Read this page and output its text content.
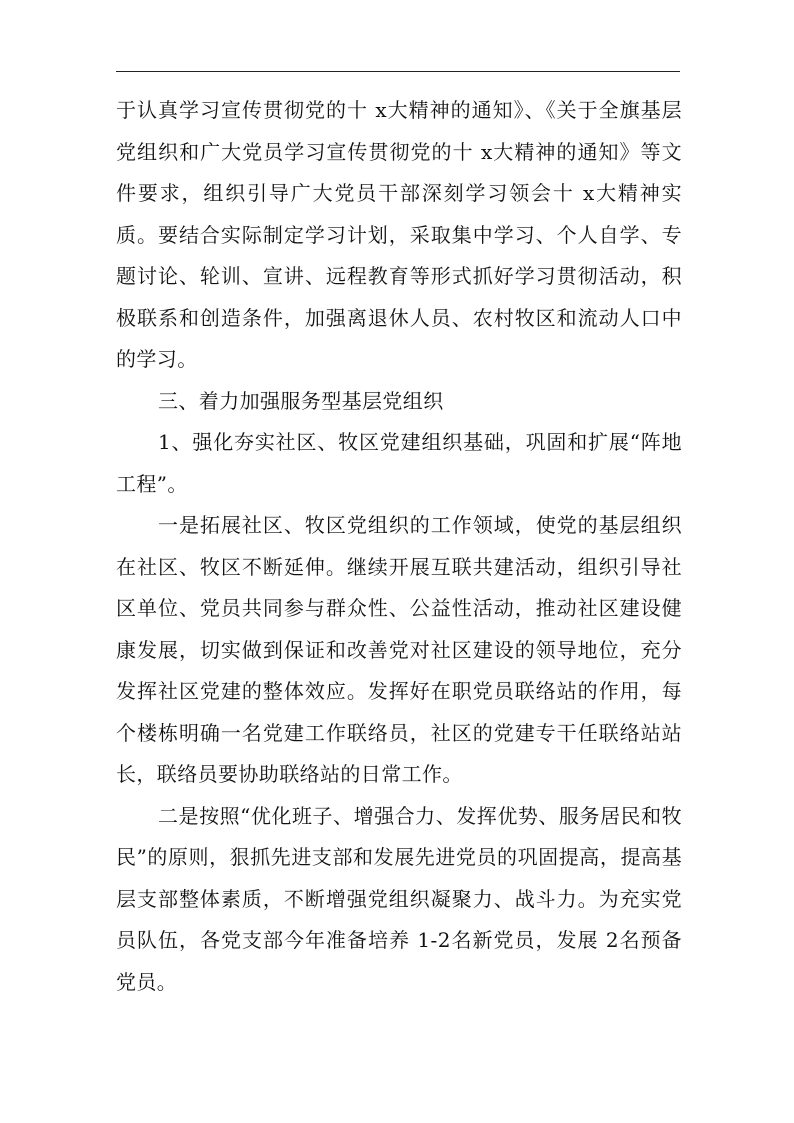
于认真学习宣传贯彻党的十 x大精神的通知》、《关于全旗基层党组织和广大党员学习宣传贯彻党的十 x大精神的通知》等文件要求，组织引导广大党员干部深刻学习领会十 x大精神实质。要结合实际制定学习计划，采取集中学习、个人自学、专题讨论、轮训、宣讲、远程教育等形式抓好学习贯彻活动，积极联系和创造条件，加强离退休人员、农村牧区和流动人口中的学习。

三、着力加强服务型基层党组织

1、强化夯实社区、牧区党建组织基础，巩固和扩展“阵地工程”。

一是拓展社区、牧区党组织的工作领域，使党的基层组织在社区、牧区不断延伸。继续开展互联共建活动，组织引导社区单位、党员共同参与群众性、公益性活动，推动社区建设健康发展，切实做到保证和改善党对社区建设的领导地位，充分发挥社区党建的整体效应。发挥好在职党员联络站的作用，每个楼栋明确一名党建工作联络员，社区的党建专干任联络站站长，联络员要协助联络站的日常工作。

二是按照“优化班子、增强合力、发挥优势、服务居民和牧民”的原则，狠抓先进支部和发展先进党员的巩固提高，提高基层支部整体素质，不断增强党组织凝聚力、战斗力。为充实党员队伍，各党支部今年准备培养 1-2名新党员，发展 2名预备党员。
